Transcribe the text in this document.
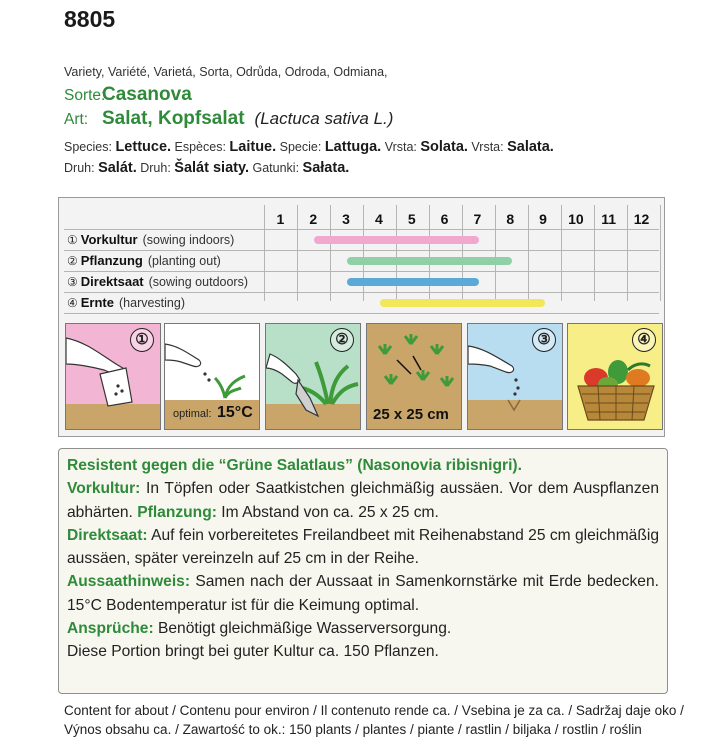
8805
Variety, Variété, Varietá, Sorta, Odrůda, Odroda, Odmiana,
Sorte:Casanova
Art: Salat, Kopfsalat (Lactuca sativa L.)
Species: Lettuce. Espèces: Laitue. Specie: Lattuga. Vrsta: Solata. Vrsta: Salata.
Druh: Salát. Druh: Šalát siaty. Gatunki: Sałata.
1	2	3	4	5	6	7	8	9	10	11	12
① Vorkultur (sowing indoors)
② Pflanzung (planting out)
③ Direktsaat (sowing outdoors)
④ Ernte (harvesting)
①
optimal: 15°C
②
25 x 25 cm
③	④

Resistent gegen die “Grüne Salatlaus” (Nasonovia ribisnigri).

Vorkultur: In Töpfen oder Saatkistchen gleichmäßig aussäen. Vor dem Auspflanzen abhärten. Pflanzung: Im Abstand von ca. 25 x 25 cm.

Direktsaat: Auf fein vorbereitetes Freilandbeet mit Reihenabstand 25 cm gleichmäßig aussäen, später vereinzeln auf 25 cm in der Reihe.

Aussaathinweis: Samen nach der Aussaat in Samenkornstärke mit Erde bedecken. 15°C Bodentemperatur ist für die Keimung optimal.

Ansprüche: Benötigt gleichmäßige Wasserversorgung.

Diese Portion bringt bei guter Kultur ca. 150 Pflanzen.

Content for about / Contenu pour environ / Il contenuto rende ca. / Vsebina je za ca. / Sadržaj daje oko /
Výnos obsahu ca. / Zawartość to ok.: 150 plants / plantes / piante / rastlin / biljaka / rostlin / roślin
